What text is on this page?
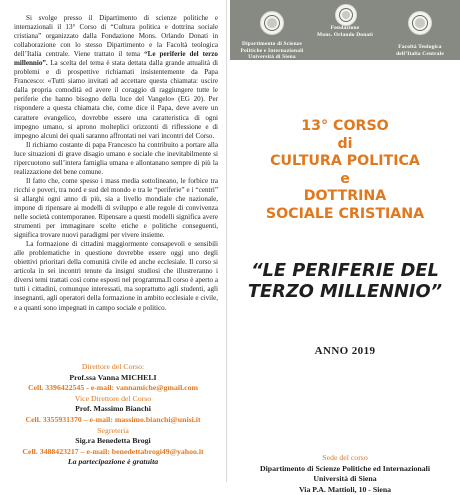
Si svolge presso il Dipartimento di scienze politiche e internazionali il 13° Corso di “Cultura politica e dottrina sociale cristiana” organizzato dalla Fondazione Mons. Orlando Donati in collaborazione con lo stesso Dipartimento e la Facoltà teologica dell’Italia centrale. Viene trattato il tema “Le periferie del terzo millennio”. La scelta del tema è stata dettata dalla grande attualità di problemi e di prospettive richiamati insistentemente da Papa Francesco: «Tutti siamo invitati ad accettare questa chiamata: uscire dalla propria comodità ed avere il coraggio di raggiungere tutte le periferie che hanno bisogno della luce del Vangelo» (EG 20). Per rispondere a questa chiamata che, come dice il Papa, deve avere un carattere evangelico, dovrebbe essere una caratteristica di ogni impegno umano, si aprono molteplici orizzonti di riflessione e di impegno alcuni dei quali saranno affrontati nei vari incontri del Corso.

Il richiamo costante di papa Francesco ha contribuito a portare alla luce situazioni di grave disagio umano e sociale che inevitabilmente si ripercuotono sull’intera famiglia umana e allontanano sempre di più la realizzazione del bene comune.

Il fatto che, come spesso i mass media sottolineano, le forbice tra ricchi e poveri, tra nord e sud del mondo e tra le “periferie” e i “centri” si allarghi ogni anno di più, sia a livello mondiale che nazionale, impone di ripensare ai modelli di sviluppo e alle regole di convivenza nelle società contemporanee. Ripensare a questi modelli significa avere strumenti per immaginare scelte etiche e politiche conseguenti, significa trovare nuovi paradigmi per vivere insieme.

La formazione di cittadini maggiormente consapevoli e sensibili alle problematiche in questione dovrebbe essere oggi uno degli obiettivi prioritari della comunità civile ed anche ecclesiale. Il corso si articola in sei incontri tenute da insigni studiosi che illustreranno i diversi temi trattati così come esposti nel programma.Il corso è aperto a tutti i cittadini, comunque interessati, ma soprattutto agli studenti, agli insegnanti, agli operatori della formazione in ambito ecclesiale e civile, e a quanti sono impegnati in campo sociale e politico.

Direttore del Corso:
Prof.ssa Vanna MICHELI
Cell. 3396422545 - e-mail: vannamiche@gmail.com
Vice Direttore del Corso
Prof. Massimo Bianchi
Cell. 3355931370 – e-mail: massimo.bianchi@unisi.it
Segreteria
Sig.ra Benedetta Brogi
Cell. 3488423217 – e-mail: benedettabrogi49@yahoo.it
La partecipazione è gratuita
Fondazione
Mons. Orlando Donati
Dipartimento di Scienze
Politiche e Internazionali
Università di Siena
Facoltà Teologica
dell’Italia Centrale
13° CORSO
di
CULTURA POLITICA
e
DOTTRINA
SOCIALE CRISTIANA
“LE PERIFERIE DEL
TERZO MILLENNIO”
ANNO 2019
Sede del corso
Dipartimento di Scienze Politiche ed Internazionali
Università di Siena
Via P.A. Mattioli, 10 - Siena
